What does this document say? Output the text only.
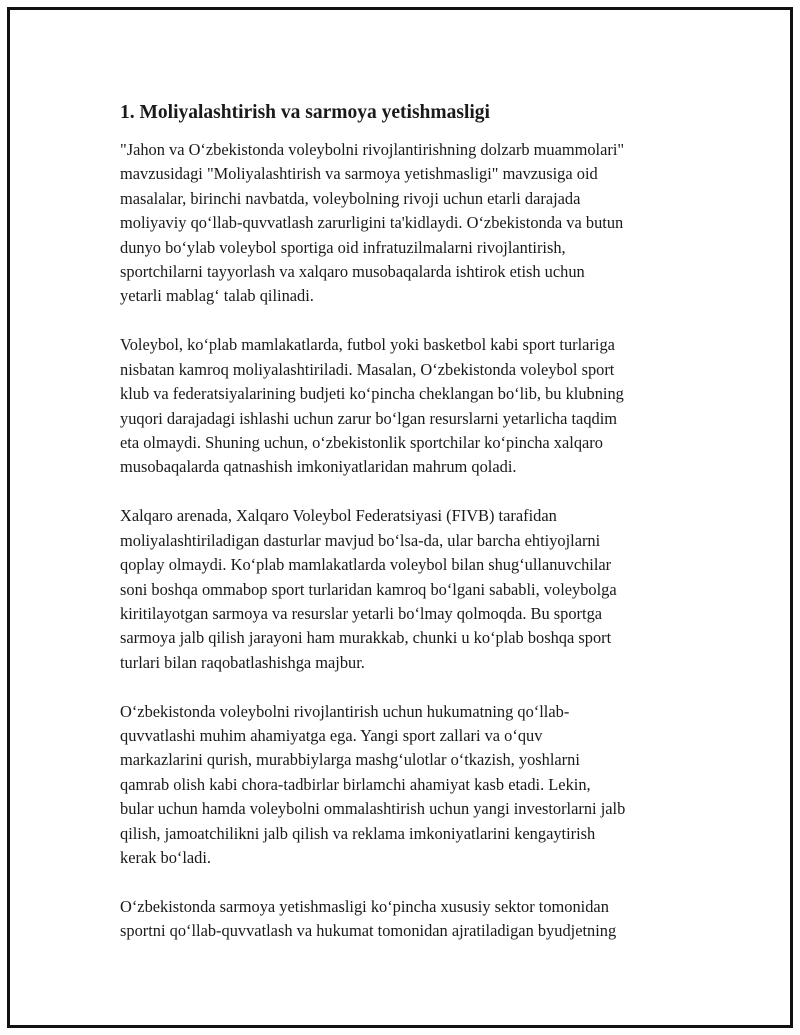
1. Moliyalashtirish va sarmoya yetishmasligi

"Jahon va O‘zbekistonda voleybolni rivojlantirishning dolzarb muammolari"
mavzusidagi "Moliyalashtirish va sarmoya yetishmasligi" mavzusiga oid
masalalar, birinchi navbatda, voleybolning rivoji uchun etarli darajada
moliyaviy qo‘llab-quvvatlash zarurligini ta'kidlaydi. O‘zbekistonda va butun
dunyo bo‘ylab voleybol sportiga oid infratuzilmalarni rivojlantirish,
sportchilarni tayyorlash va xalqaro musobaqalarda ishtirok etish uchun
yetarli mablag‘ talab qilinadi.

Voleybol, ko‘plab mamlakatlarda, futbol yoki basketbol kabi sport turlariga
nisbatan kamroq moliyalashtiriladi. Masalan, O‘zbekistonda voleybol sport
klub va federatsiyalarining budjeti ko‘pincha cheklangan bo‘lib, bu klubning
yuqori darajadagi ishlashi uchun zarur bo‘lgan resurslarni yetarlicha taqdim
eta olmaydi. Shuning uchun, o‘zbekistonlik sportchilar ko‘pincha xalqaro
musobaqalarda qatnashish imkoniyatlaridan mahrum qoladi.

Xalqaro arenada, Xalqaro Voleybol Federatsiyasi (FIVB) tarafidan
moliyalashtiriladigan dasturlar mavjud bo‘lsa-da, ular barcha ehtiyojlarni
qoplay olmaydi. Ko‘plab mamlakatlarda voleybol bilan shug‘ullanuvchilar
soni boshqa ommabop sport turlaridan kamroq bo‘lgani sababli, voleybolga
kiritilayotgan sarmoya va resurslar yetarli bo‘lmay qolmoqda. Bu sportga
sarmoya jalb qilish jarayoni ham murakkab, chunki u ko‘plab boshqa sport
turlari bilan raqobatlashishga majbur.

O‘zbekistonda voleybolni rivojlantirish uchun hukumatning qo‘llab-
quvvatlashi muhim ahamiyatga ega. Yangi sport zallari va o‘quv
markazlarini qurish, murabbiylarga mashg‘ulotlar o‘tkazish, yoshlarni
qamrab olish kabi chora-tadbirlar birlamchi ahamiyat kasb etadi. Lekin,
bular uchun hamda voleybolni ommalashtirish uchun yangi investorlarni jalb
qilish, jamoatchilikni jalb qilish va reklama imkoniyatlarini kengaytirish
kerak bo‘ladi.

O‘zbekistonda sarmoya yetishmasligi ko‘pincha xususiy sektor tomonidan
sportni qo‘llab-quvvatlash va hukumat tomonidan ajratiladigan byudjetning
